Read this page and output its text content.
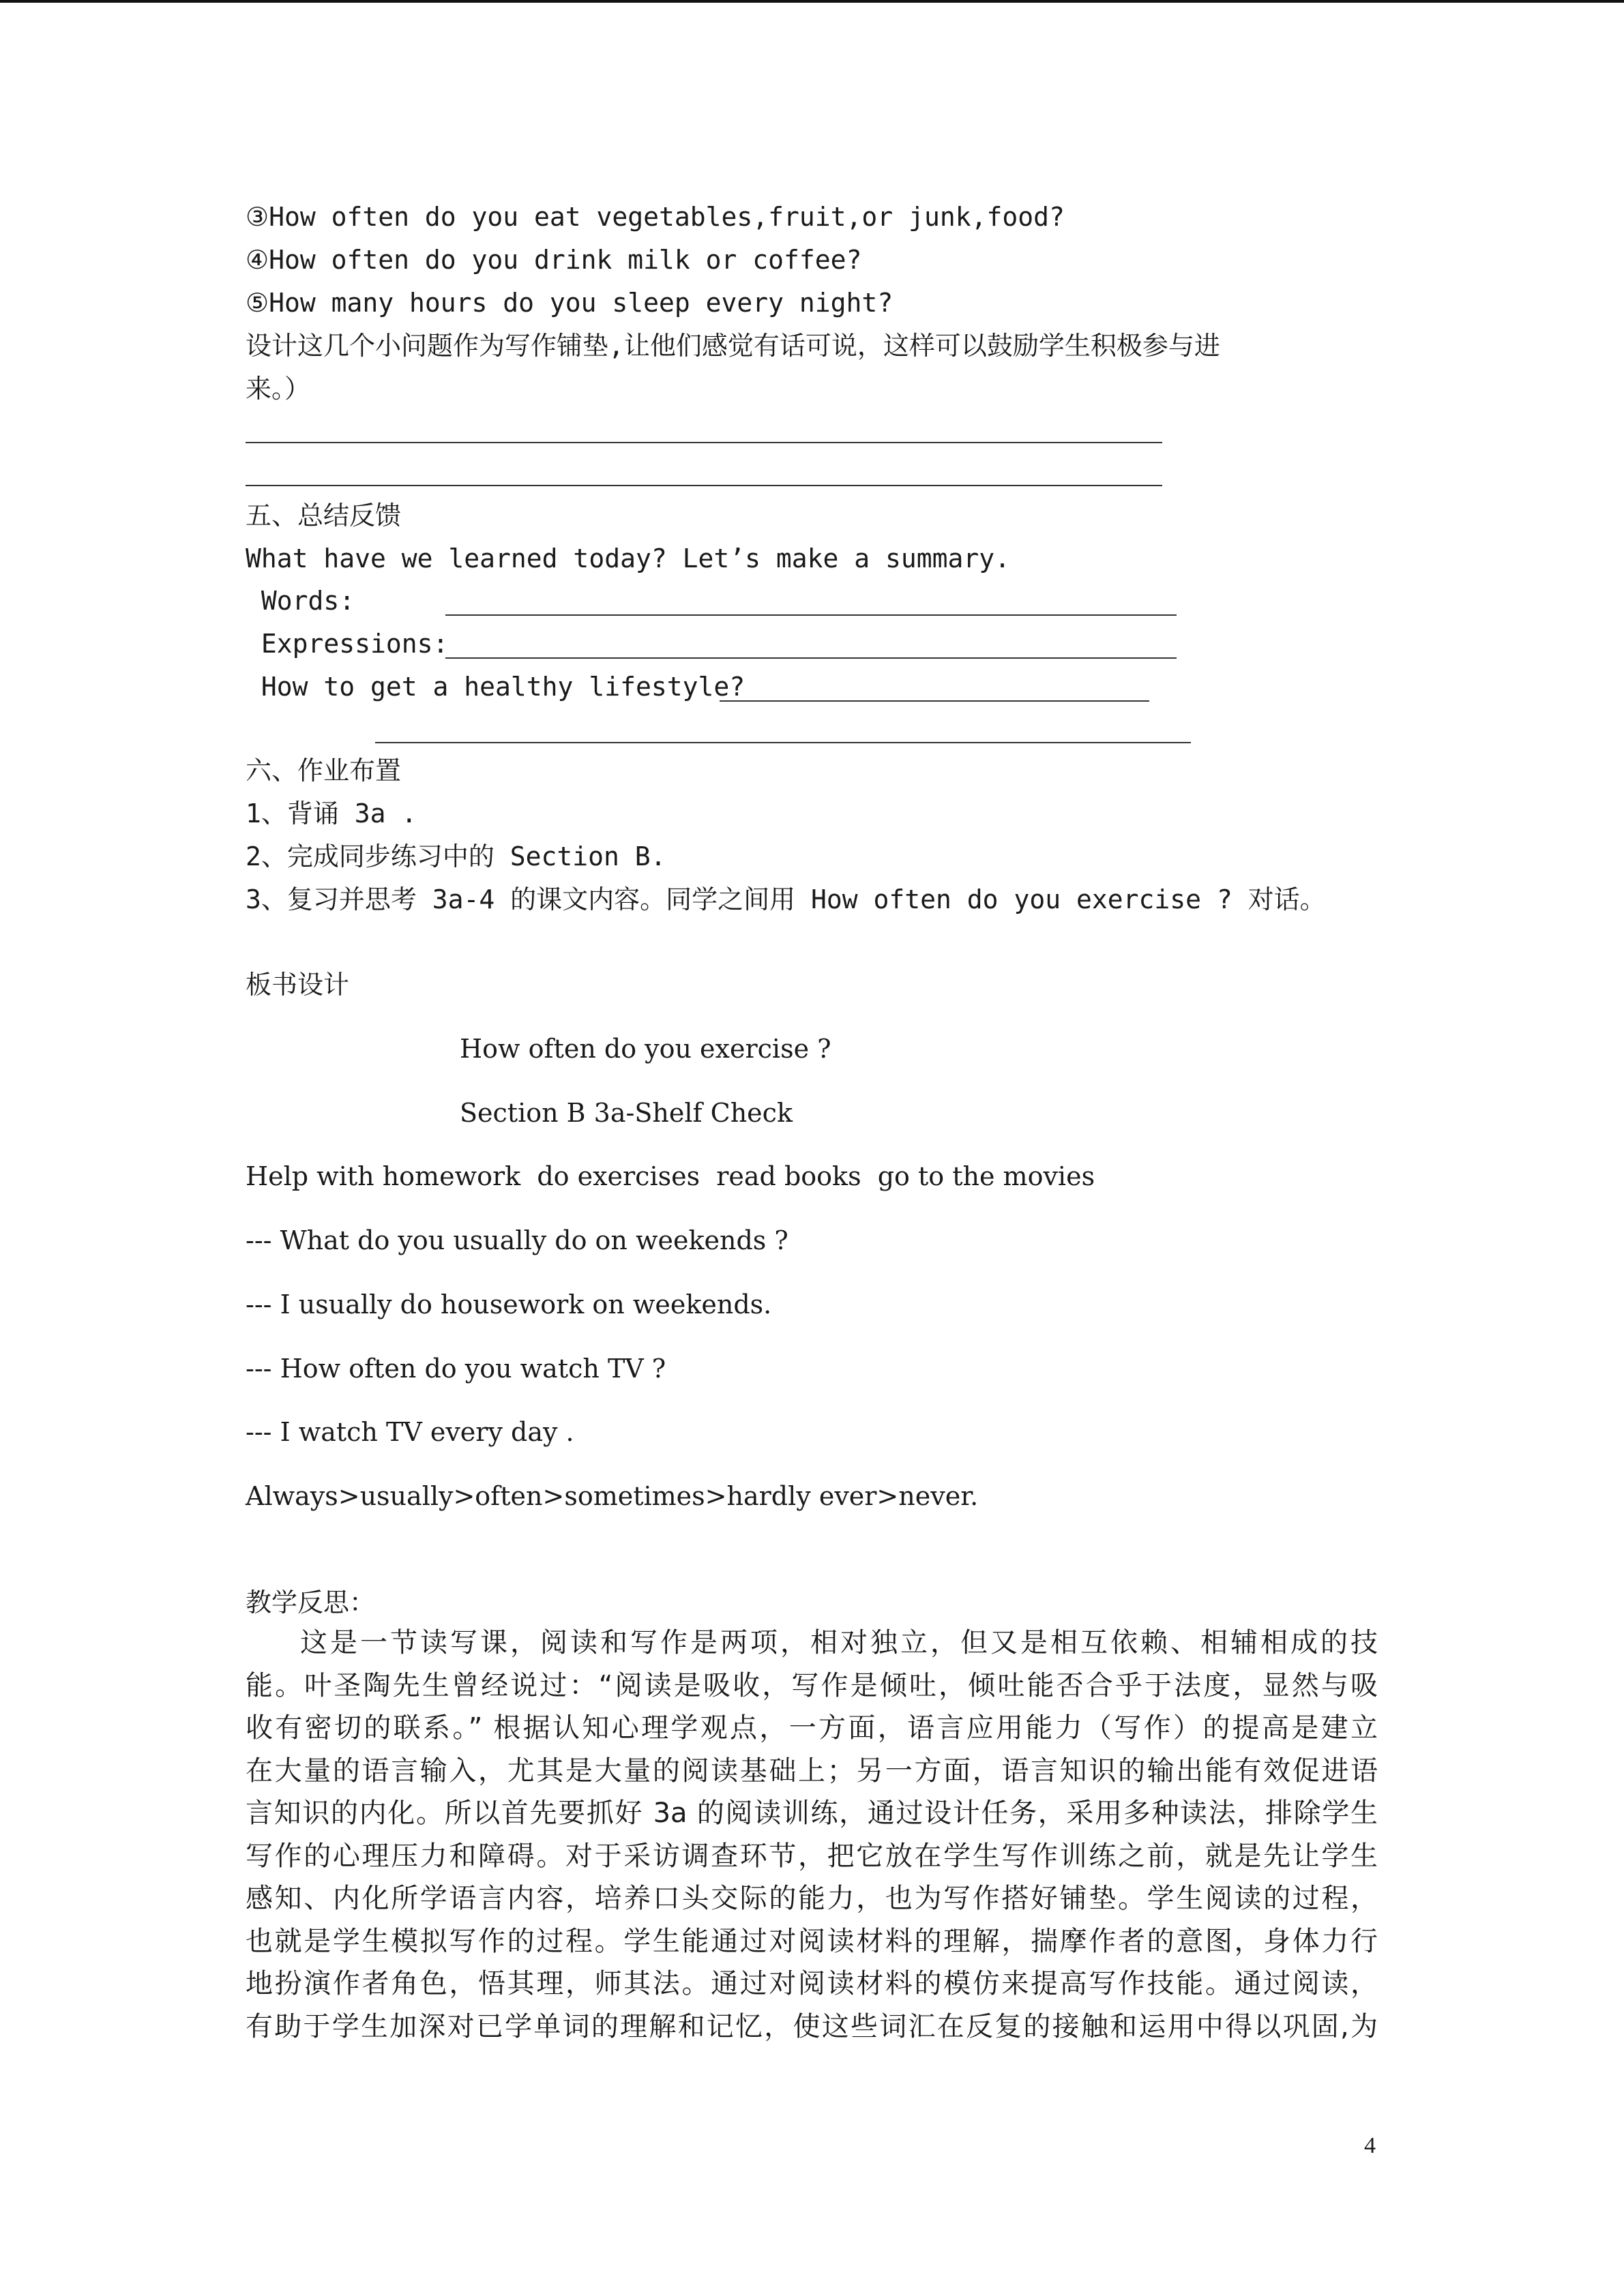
③How often do you eat vegetables,fruit,or junk,food?
④How often do you drink milk or coffee?
⑤How many hours do you sleep every night?
设计这几个小问题作为写作铺垫,让他们感觉有话可说，这样可以鼓励学生积极参与进
来。）
五、总结反馈
What have we learned today? Let’s make a summary.
Words:
Expressions:
How to get a healthy lifestyle?
六、作业布置
1、背诵 3a .
2、完成同步练习中的 Section B.
3、复习并思考 3a-4 的课文内容。同学之间用 How often do you exercise ? 对话。
板书设计
How often do you exercise ?
Section B 3a-Shelf Check
Help with homework  do exercises  read books  go to the movies
--- What do you usually do on weekends ?
--- I usually do housework on weekends.
--- How often do you watch TV ?
--- I watch TV every day .
Always>usually>often>sometimes>hardly ever>never.
教学反思：
这是一节读写课，阅读和写作是两项，相对独立，但又是相互依赖、相辅相成的技
能。叶圣陶先生曾经说过：“阅读是吸收，写作是倾吐，倾吐能否合乎于法度，显然与吸
收有密切的联系。” 根据认知心理学观点，一方面，语言应用能力（写作）的提高是建立
在大量的语言输入，尤其是大量的阅读基础上；另一方面，语言知识的输出能有效促进语
言知识的内化。所以首先要抓好 3a 的阅读训练，通过设计任务，采用多种读法，排除学生
写作的心理压力和障碍。对于采访调查环节，把它放在学生写作训练之前，就是先让学生
感知、内化所学语言内容，培养口头交际的能力，也为写作搭好铺垫。学生阅读的过程，
也就是学生模拟写作的过程。学生能通过对阅读材料的理解，揣摩作者的意图，身体力行
地扮演作者角色，悟其理，师其法。通过对阅读材料的模仿来提高写作技能。通过阅读，
有助于学生加深对已学单词的理解和记忆，使这些词汇在反复的接触和运用中得以巩固,为
4
